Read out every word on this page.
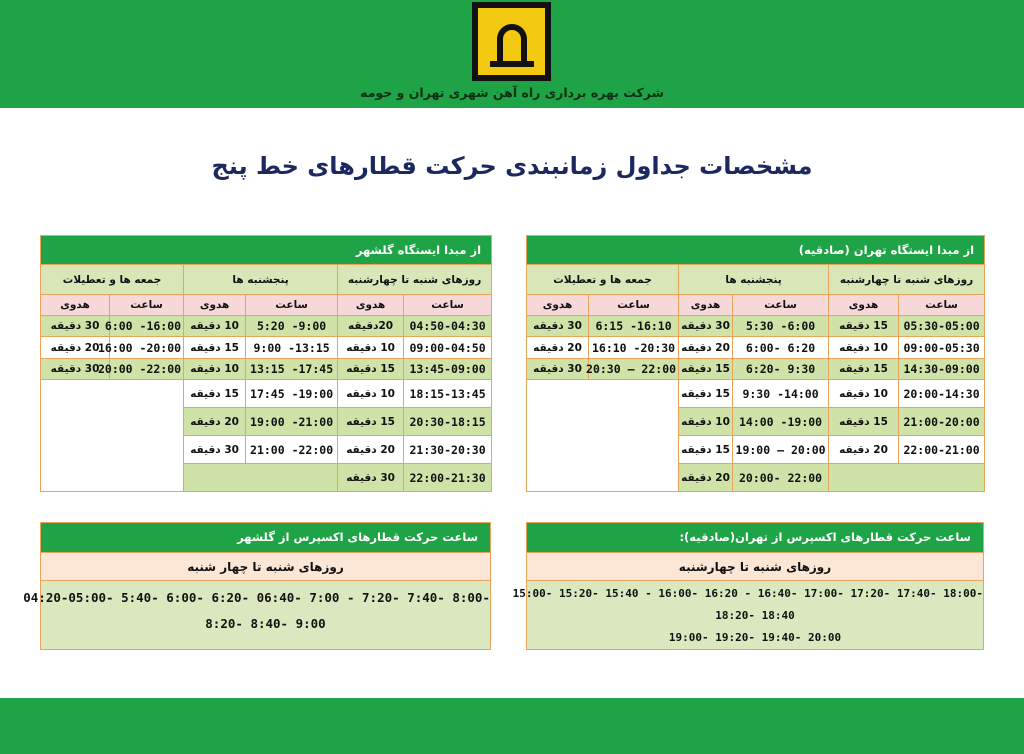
شرکت بهره برداری راه آهن شهری تهران و حومه
مشخصات جداول زمانبندی حرکت قطارهای خط پنج
از مبدا ایستگاه تهران (صادقیه)					
روزهای شنبه تا چهارشنبه		پنجشنبه ها		جمعه ها و تعطیلات	
ساعت	هدوی	ساعت	هدوی	ساعت	هدوی
05:30-05:00	15 دقیقه	6:00- 5:30	30 دقیقه	16:10- 6:15	30 دقیقه
09:00-05:30	10 دقیقه	6:20 -6:00	20 دقیقه	20:30- 16:10	20 دقیقه
14:30-09:00	15 دقیقه	9:30 -6:20	15 دقیقه	22:00 – 20:30	30 دقیقه
20:00-14:30	10 دقیقه	14:00- 9:30	15 دقیقه		
21:00-20:00	15 دقیقه	19:00- 14:00	10 دقیقه		
22:00-21:00	20 دقیقه	20:00 – 19:00	15 دقیقه		
		22:00 -20:00	20 دقیقه		
از مبدا ایستگاه گلشهر					
روزهای شنبه تا چهارشنبه		پنجشنبه ها		جمعه ها و تعطیلات	
ساعت	هدوی	ساعت	هدوی	ساعت	هدوی
04:50-04:30	20دقیقه	9:00- 5:20	10 دقیقه	16:00- 6:00	30 دقیقه
09:00-04:50	10 دقیقه	13:15- 9:00	15 دقیقه	20:00- 16:00	20 دقیقه
13:45-09:00	15 دقیقه	17:45- 13:15	10 دقیقه	22:00- 20:00	30 دقیقه
18:15-13:45	10 دقیقه	19:00- 17:45	15 دقیقه		
20:30-18:15	15 دقیقه	21:00- 19:00	20 دقیقه		
21:30-20:30	20 دقیقه	22:00- 21:00	30 دقیقه		
22:00-21:30	30 دقیقه				
ساعت حرکت قطارهای اکسپرس از تهران(صادقیه):
روزهای شنبه تا چهارشنبه
-18:00 -17:40 -17:20 -17:00 -16:40 - 16:20 -16:00 - 15:40 -15:20 -15:00
18:40 -18:20
20:00 -19:40 -19:20 -19:00
ساعت حرکت قطارهای اکسپرس از گلشهر
روزهای شنبه تا چهار شنبه
-8:00 -7:40 -7:20 - 7:00 -06:40 -6:20 -6:00 -5:40 -04:20-05:00
9:00 -8:40 -8:20
